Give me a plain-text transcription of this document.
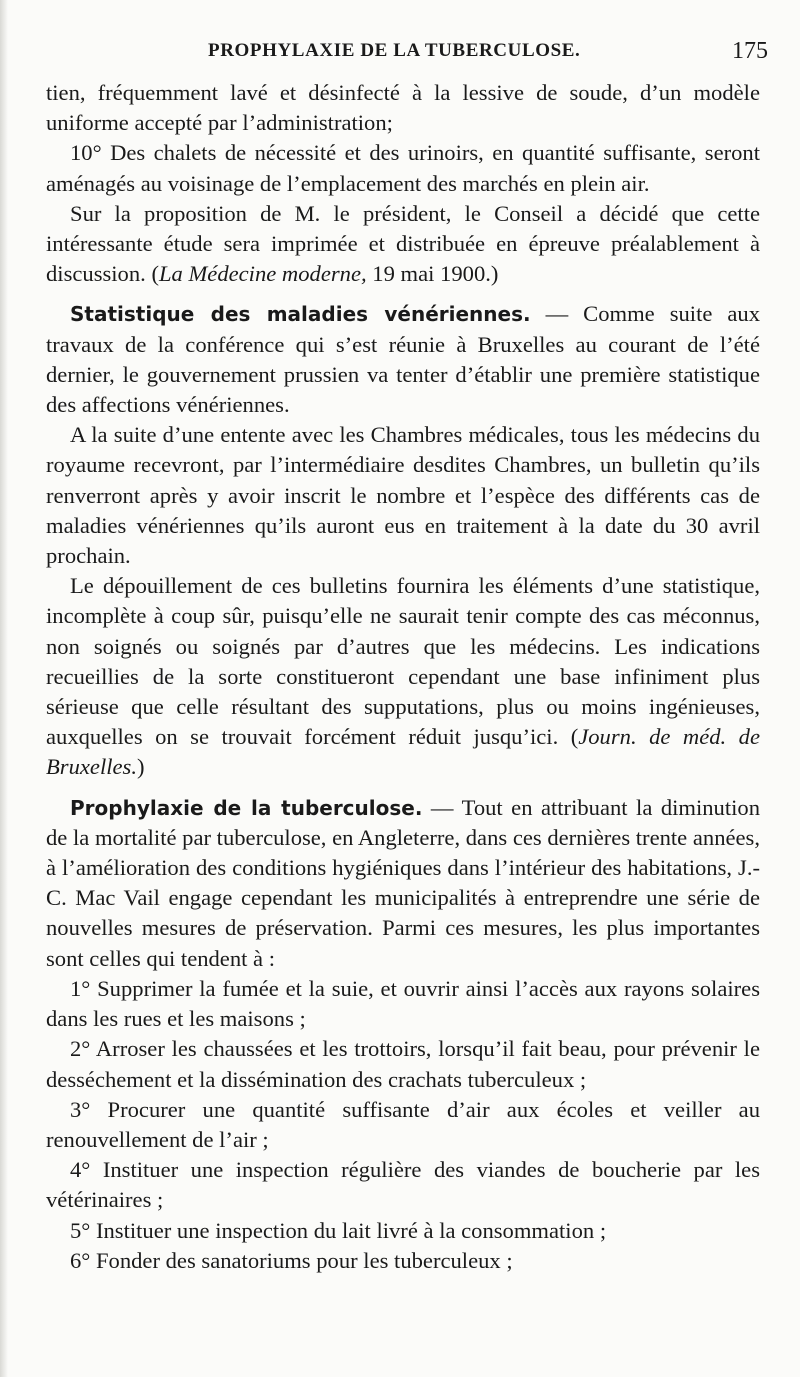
PROPHYLAXIE DE LA TUBERCULOSE.	175

tien, fréquemment lavé et désinfecté à la lessive de soude, d’un modèle uniforme accepté par l’administration;

10° Des chalets de nécessité et des urinoirs, en quantité suffisante, seront aménagés au voisinage de l’emplacement des marchés en plein air.

Sur la proposition de M. le président, le Conseil a décidé que cette intéressante étude sera imprimée et distribuée en épreuve préalablement à discussion. (La Médecine moderne, 19 mai 1900.)

Statistique des maladies vénériennes. — Comme suite aux travaux de la conférence qui s’est réunie à Bruxelles au courant de l’été dernier, le gouvernement prussien va tenter d’établir une première statistique des affections vénériennes.

A la suite d’une entente avec les Chambres médicales, tous les médecins du royaume recevront, par l’intermédiaire desdites Chambres, un bulletin qu’ils renverront après y avoir inscrit le nombre et l’espèce des différents cas de maladies vénériennes qu’ils auront eus en traitement à la date du 30 avril prochain.

Le dépouillement de ces bulletins fournira les éléments d’une statistique, incomplète à coup sûr, puisqu’elle ne saurait tenir compte des cas méconnus, non soignés ou soignés par d’autres que les médecins. Les indications recueillies de la sorte constitueront cependant une base infiniment plus sérieuse que celle résultant des supputations, plus ou moins ingénieuses, auxquelles on se trouvait forcément réduit jusqu’ici. (Journ. de méd. de Bruxelles.)

Prophylaxie de la tuberculose. — Tout en attribuant la diminution de la mortalité par tuberculose, en Angleterre, dans ces dernières trente années, à l’amélioration des conditions hygiéniques dans l’intérieur des habitations, J.-C. Mac Vail engage cependant les municipalités à entreprendre une série de nouvelles mesures de préservation. Parmi ces mesures, les plus importantes sont celles qui tendent à :

1° Supprimer la fumée et la suie, et ouvrir ainsi l’accès aux rayons solaires dans les rues et les maisons ;

2° Arroser les chaussées et les trottoirs, lorsqu’il fait beau, pour prévenir le desséchement et la dissémination des crachats tuberculeux ;

3° Procurer une quantité suffisante d’air aux écoles et veiller au renouvellement de l’air ;

4° Instituer une inspection régulière des viandes de boucherie par les vétérinaires ;

5° Instituer une inspection du lait livré à la consommation ;

6° Fonder des sanatoriums pour les tuberculeux ;
